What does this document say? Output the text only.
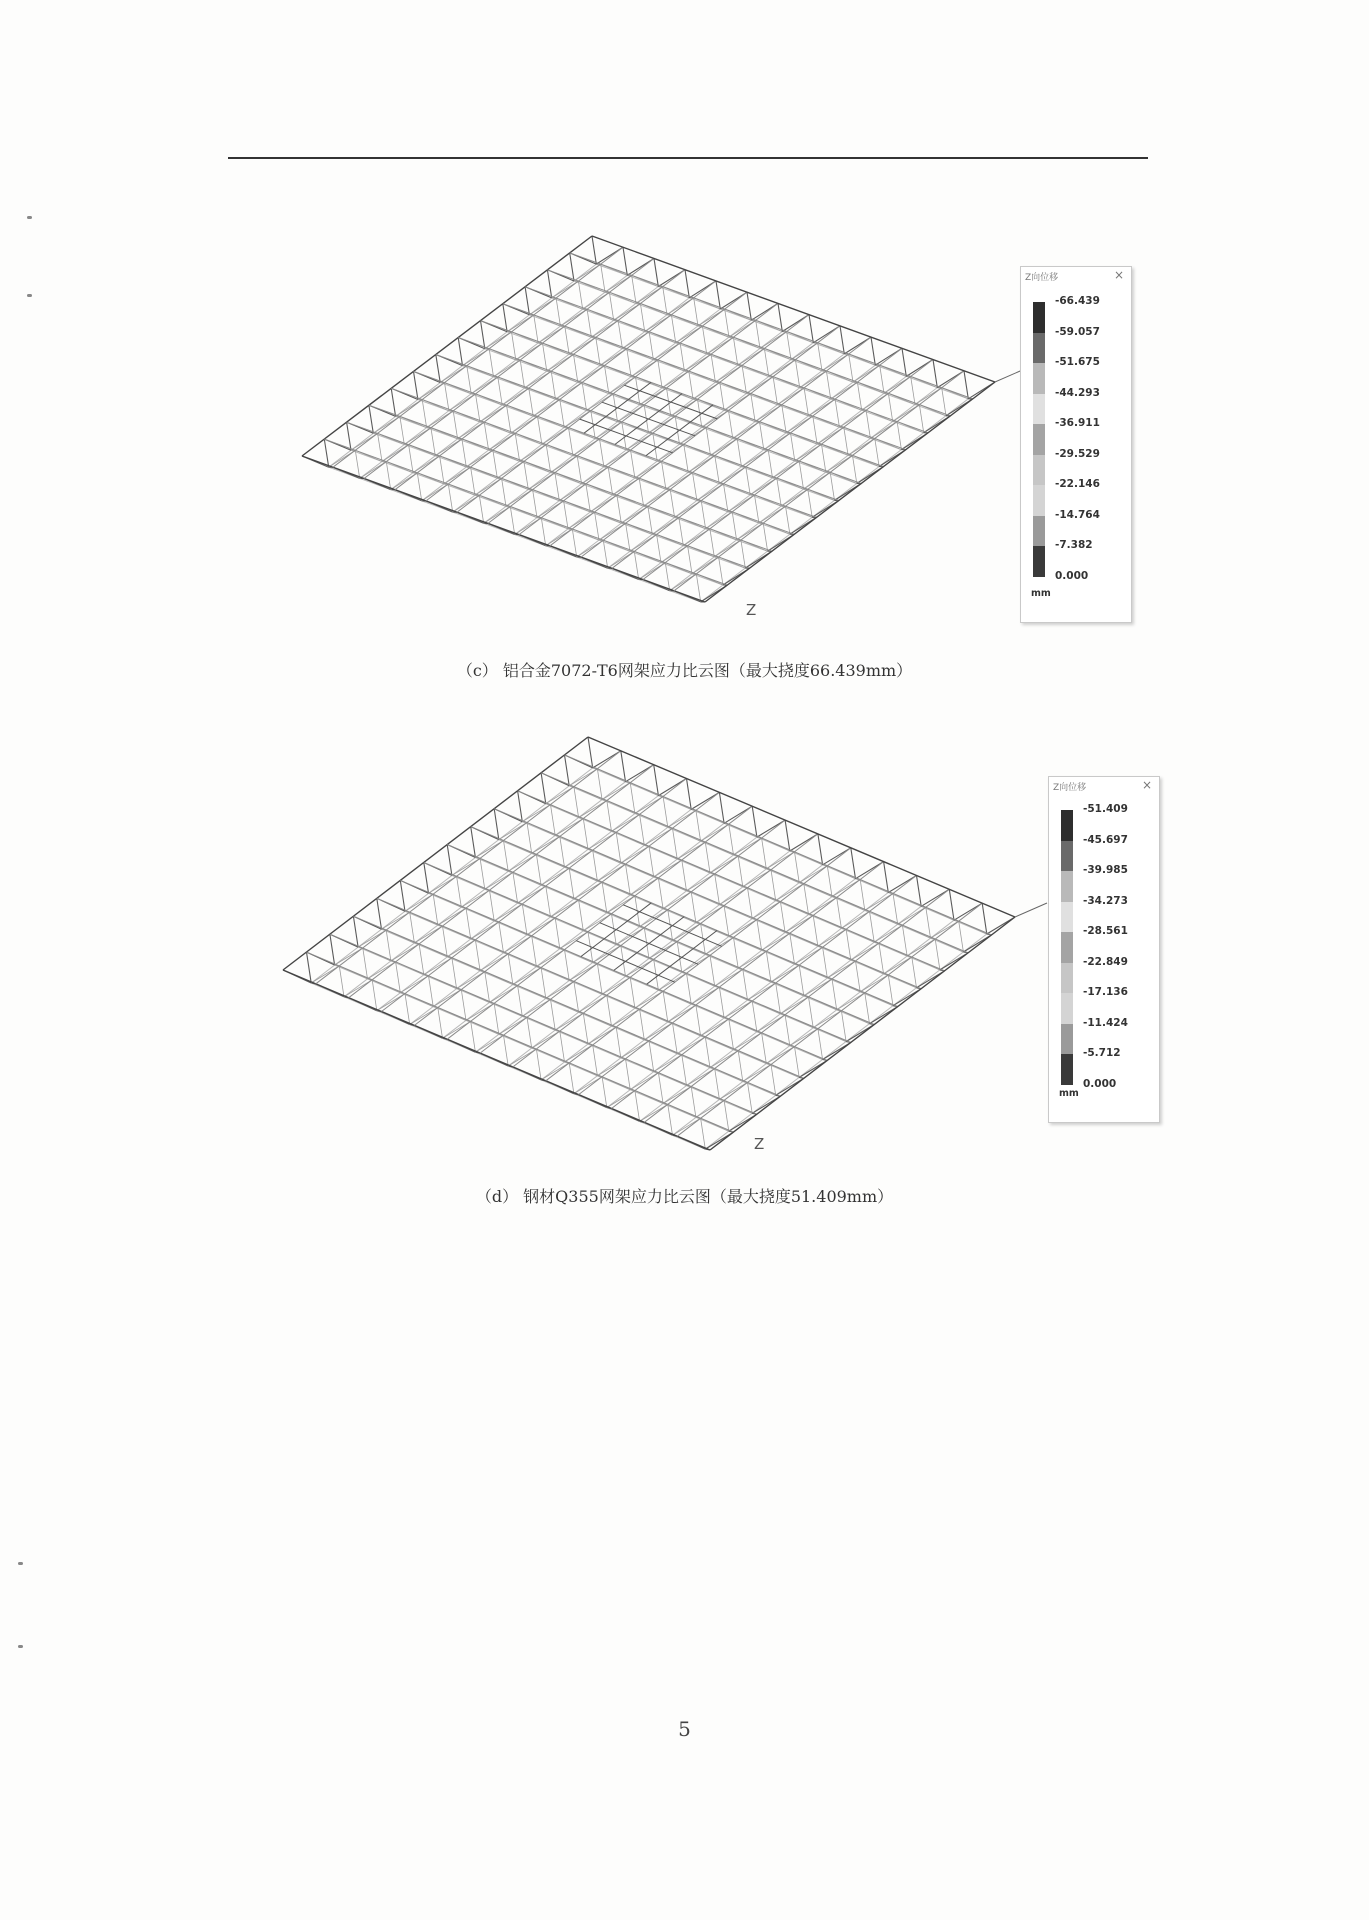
Z
Z向位移	×
-66.439
-59.057
-51.675
-44.293
-36.911
-29.529
-22.146
-14.764
-7.382
0.000
mm
（c） 铝合金7072-T6网架应力比云图（最大挠度66.439mm）
Z
Z向位移	×
-51.409
-45.697
-39.985
-34.273
-28.561
-22.849
-17.136
-11.424
-5.712
0.000
mm
（d） 钢材Q355网架应力比云图（最大挠度51.409mm）
5
